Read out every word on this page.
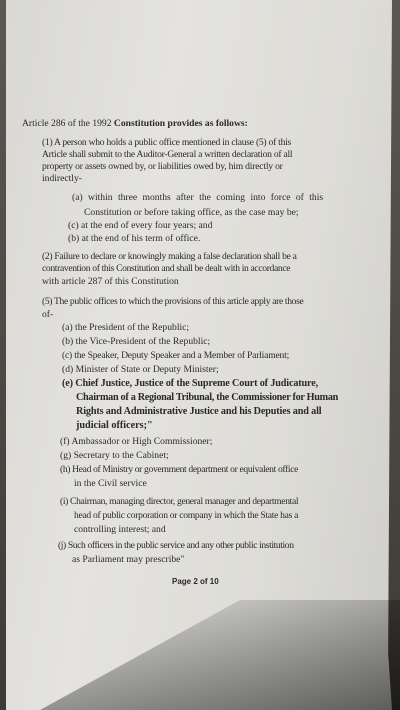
Article 286 of the 1992 Constitution provides as follows:
(1) A person who holds a public office mentioned in clause (5) of this
Article shall submit to the Auditor-General a written declaration of all
property or assets owned by, or liabilities owed by, him directly or
indirectly-
(a) within three months after the coming into force of this
Constitution or before taking office, as the case may be;
(c) at the end of every four years; and
(b) at the end of his term of office.
(2) Failure to declare or knowingly making a false declaration shall be a
contravention of this Constitution and shall be dealt with in accordance
with article 287 of this Constitution
(5) The public offices to which the provisions of this article apply are those
of-
(a) the President of the Republic;
(b) the Vice-President of the Republic;
(c) the Speaker, Deputy Speaker and a Member of Parliament;
(d) Minister of State or Deputy Minister;
(e) Chief Justice, Justice of the Supreme Court of Judicature,
Chairman of a Regional Tribunal, the Commissioner for Human
Rights and Administrative Justice and his Deputies and all
judicial officers;"
(f) Ambassador or High Commissioner;
(g) Secretary to the Cabinet;
(h) Head of Ministry or government department or equivalent office
in the Civil service
(i) Chairman, managing director, general manager and departmental
head of public corporation or company in which the State has a
controlling interest; and
(j) Such officers in the public service and any other public institution
as Parliament may prescribe"
Page 2 of 10
